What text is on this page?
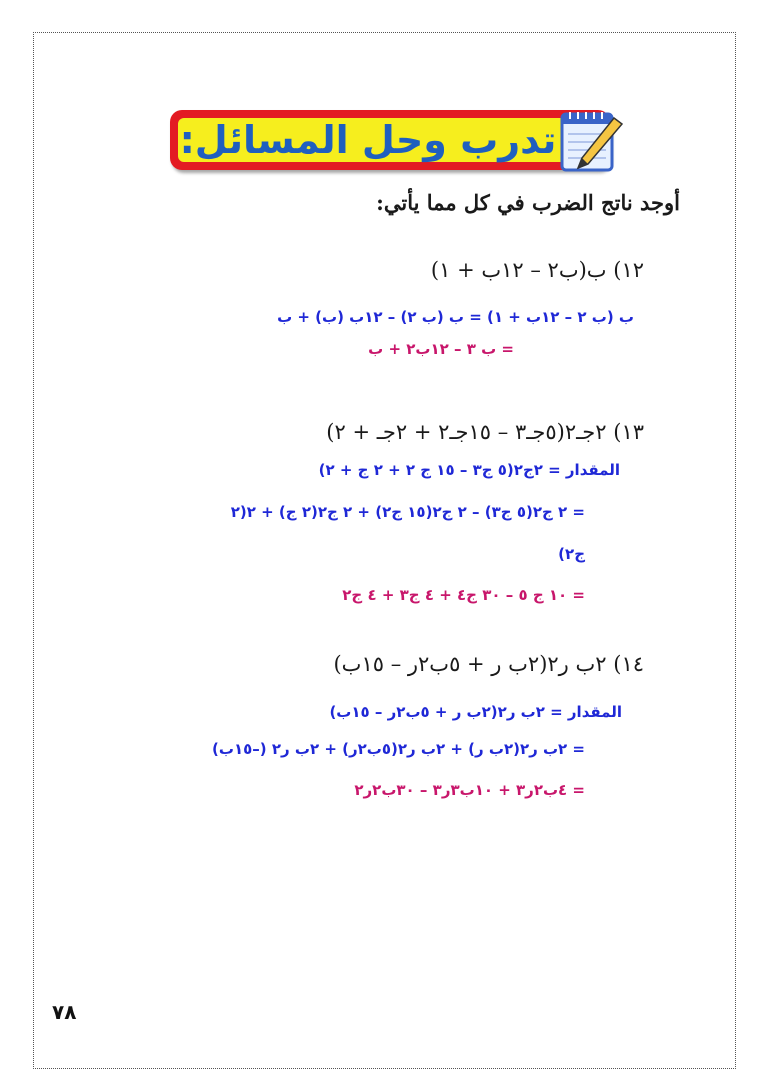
تدرب وحل المسائل:
أوجد ناتج الضرب في كل مما يأتي:
١٢) ب(ب٢ – ١٢ب + ١)
ب (ب ٢ – ١٢ب + ١) = ب (ب ٢) – ١٢ب (ب) + ب
= ب ٣ – ١٢ب٢ + ب
١٣) ٢جـ٢(٥جـ٣ – ١٥جـ٢ + ٢جـ + ٢)
المقدار = ٢ج٢(٥ ج٣ – ١٥ ج ٢ + ٢ ج + ٢)
= ٢ ج٢(٥ ج٣) – ٢ ج٢(١٥ ج٢) + ٢ ج٢(٢ ج) + ٢(٢
ج٢)
= ١٠ ج ٥ – ٣٠ ج٤ + ٤ ج٣ + ٤ ج٢
١٤) ٢ب ر٢(٢ب ر + ٥ب٢ر – ١٥ب)
المقدار = ٢ب ر٢(٢ب ر + ٥ب٢ر – ١٥ب)
= ٢ب ر٢(٢ب ر) + ٢ب ر٢(٥ب٢ر) + ٢ب ر٢ (–١٥ب)
= ٤ب٢ر٣ + ١٠ب٣ر٣ – ٣٠ب٢ر٢
٧٨
